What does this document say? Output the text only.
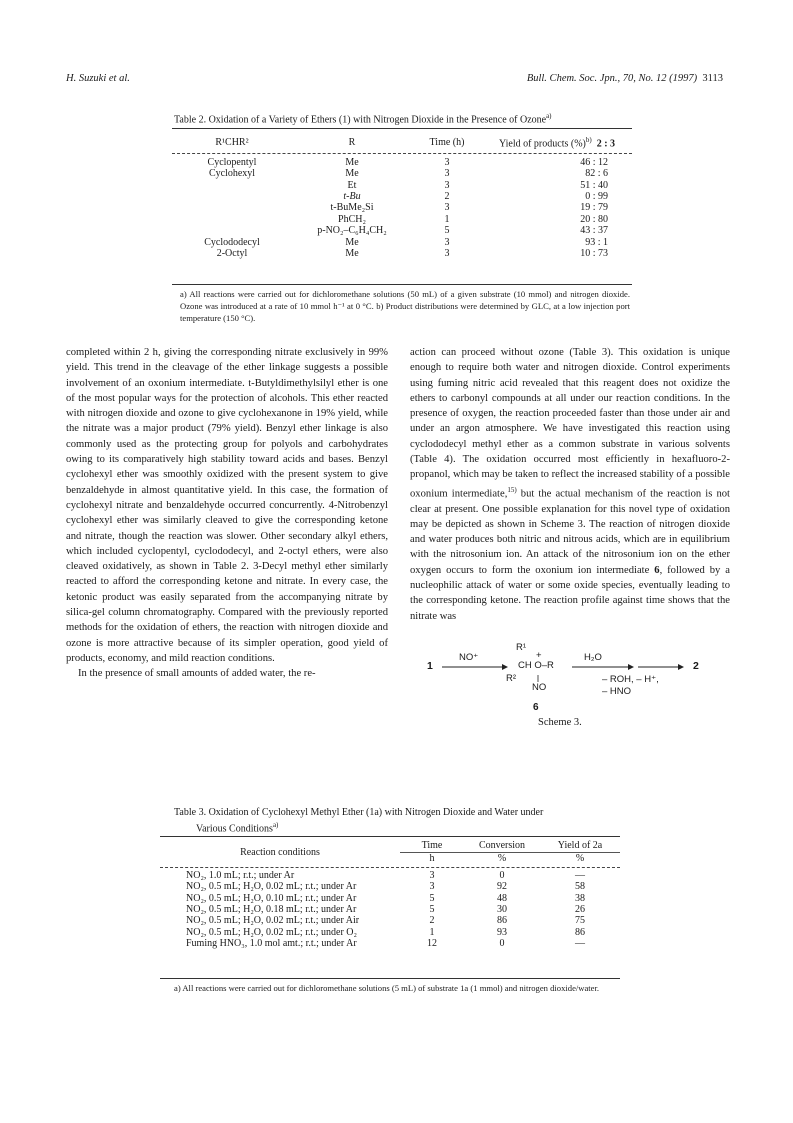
H. Suzuki et al.	Bull. Chem. Soc. Jpn., 70, No. 12 (1997) 3113
Table 2. Oxidation of a Variety of Ethers (1) with Nitrogen Dioxide in the Presence of Ozone$^{a)}$
R¹CHR²	R	Time (h)	Yield of products (%)$^{b)}$ 2 : 3

Cyclopentyl	Me	3	46 : 12
Cyclohexyl	Me	3	82 : 6
	Et	3	51 : 40
	t-Bu	2	0 : 99
	t-BuMe₂Si	3	19 : 79
	PhCH₂	1	20 : 80
	p-NO₂–C₆H₄CH₂	5	43 : 37
Cyclododecyl	Me	3	93 : 1
2-Octyl	Me	3	10 : 73
a) All reactions were carried out for dichloromethane solutions (50 mL) of a given substrate (10 mmol) and nitrogen dioxide. Ozone was introduced at a rate of 10 mmol h⁻¹ at 0 °C. b) Product distributions were determined by GLC, at a low injection port temperature (150 °C).

completed within 2 h, giving the corresponding nitrate exclusively in 99% yield. This trend in the cleavage of the ether linkage suggests a possible involvement of an oxonium intermediate. t-Butyldimethylsilyl ether is one of the most popular ways for the protection of alcohols. This ether reacted with nitrogen dioxide and ozone to give cyclohexanone in 19% yield, while the nitrate was a major product (79% yield). Benzyl ether linkage is also commonly used as the protecting group for polyols and carbohydrates owing to its comparatively high stability toward acids and bases. Benzyl cyclohexyl ether was smoothly oxidized with the present system to give benzaldehyde in almost quantitative yield. In this case, the formation of cyclohexyl nitrate and benzaldehyde occurred concurrently. 4-Nitrobenzyl cyclohexyl ether was similarly cleaved to give the corresponding ketone and nitrate, though the reaction was slower. Other secondary alkyl ethers, which included cyclopentyl, cyclododecyl, and 2-octyl ethers, were also cleaved oxidatively, as shown in Table 2. 3-Decyl methyl ether similarly reacted to afford the corresponding ketone and nitrate. In every case, the ketonic product was easily separated from the accompanying nitrate by silica-gel column chromatography. Compared with the previously reported methods for the oxidation of ethers, the reaction with nitrogen dioxide and ozone is more attractive because of its simpler operation, good yield of products, economy, and mild reaction conditions.

In the presence of small amounts of added water, the re-

action can proceed without ozone (Table 3). This oxidation is unique enough to require both water and nitrogen dioxide. Control experiments using fuming nitric acid revealed that this reagent does not oxidize the ethers to carbonyl compounds at all under our reaction conditions. In the presence of oxygen, the reaction proceeded faster than those under air and under an argon atmosphere. We have investigated this reaction using cyclododecyl methyl ether as a common substrate in various solvents (Table 4). The oxidation occurred most efficiently in hexafluoro-2-propanol, which may be taken to reflect the increased stability of a possible oxonium intermediate,$^{15)}$ but the actual mechanism of the reaction is not clear at present. One possible explanation for this novel type of oxidation may be depicted as shown in Scheme 3. The reaction of nitrogen dioxide and water produces both nitric and nitrous acids, which are in equilibrium with the nitrosonium ion. An attack of the nitrosonium ion on the ether oxygen occurs to form the oxonium ion intermediate 6, followed by a nucleophilic attack of water or some oxide species, eventually leading to the corresponding ketone. The reaction profile against time shows that the nitrate was

1
NO⁺
R¹
+
CH O–R
R²
NO
H₂O
– ROH, – H⁺,
– HNO
2
6
Scheme 3.
Table 3. Oxidation of Cyclohexyl Methyl Ether (1a) with Nitrogen Dioxide and Water under
Various Conditions$^{a)}$
Reaction conditions	Time	Conversion	Yield of 2a
	h	%	%

NO₂, 1.0 mL; r.t.; under Ar	3	0	—
NO₂, 0.5 mL; H₂O, 0.02 mL; r.t.; under Ar	3	92	58
NO₂, 0.5 mL; H₂O, 0.10 mL; r.t.; under Ar	5	48	38
NO₂, 0.5 mL; H₂O, 0.18 mL; r.t.; under Ar	5	30	26
NO₂, 0.5 mL; H₂O, 0.02 mL; r.t.; under Air	2	86	75
NO₂, 0.5 mL; H₂O, 0.02 mL; r.t.; under O₂	1	93	86
Fuming HNO₃, 1.0 mol amt.; r.t.; under Ar	12	0	—
a) All reactions were carried out for dichloromethane solutions (5 mL) of substrate 1a (1 mmol) and nitrogen dioxide/water.
